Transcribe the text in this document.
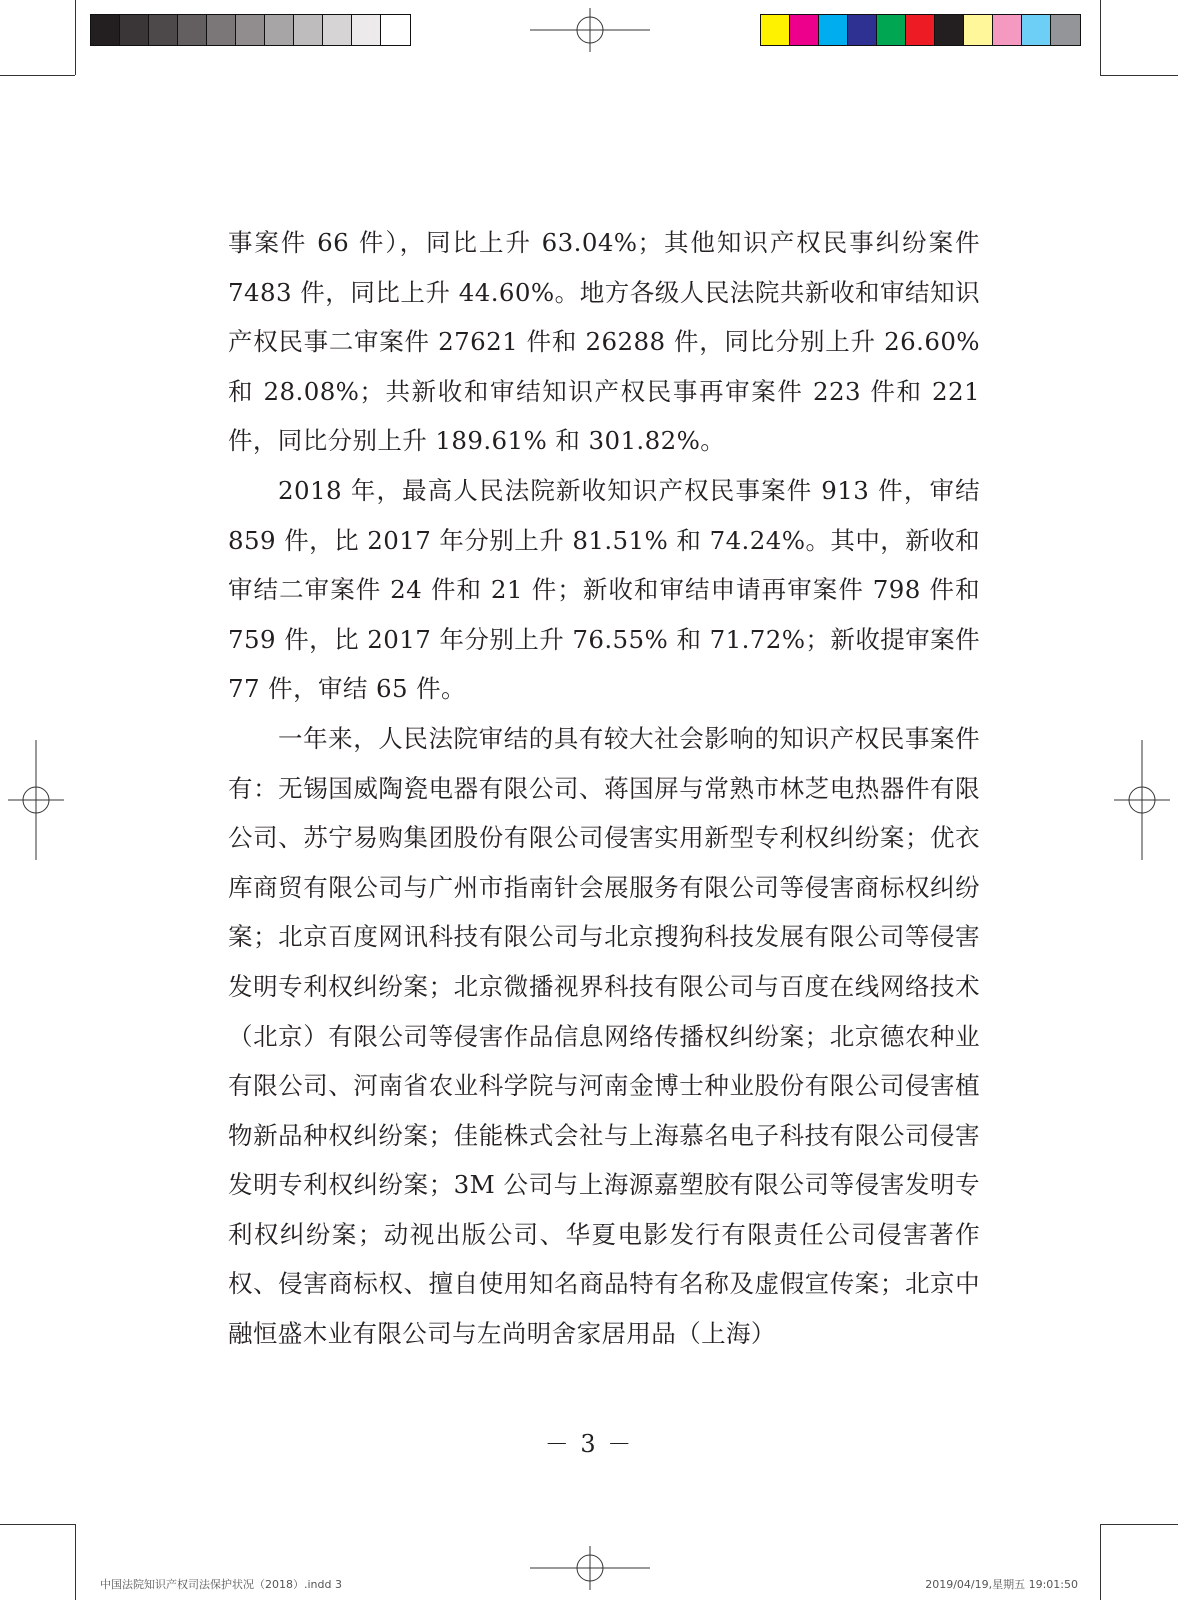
事案件 66 件），同比上升 63.04%；其他知识产权民事纠纷案件 7483 件，同比上升 44.60%。地方各级人民法院共新收和审结知识产权民事二审案件 27621 件和 26288 件，同比分别上升 26.60% 和 28.08%；共新收和审结知识产权民事再审案件 223 件和 221 件，同比分别上升 189.61% 和 301.82%。

2018 年，最高人民法院新收知识产权民事案件 913 件，审结 859 件，比 2017 年分别上升 81.51% 和 74.24%。其中，新收和审结二审案件 24 件和 21 件；新收和审结申请再审案件 798 件和 759 件，比 2017 年分别上升 76.55% 和 71.72%；新收提审案件 77 件，审结 65 件。

一年来，人民法院审结的具有较大社会影响的知识产权民事案件有：无锡国威陶瓷电器有限公司、蒋国屏与常熟市林芝电热器件有限公司、苏宁易购集团股份有限公司侵害实用新型专利权纠纷案；优衣库商贸有限公司与广州市指南针会展服务有限公司等侵害商标权纠纷案；北京百度网讯科技有限公司与北京搜狗科技发展有限公司等侵害发明专利权纠纷案；北京微播视界科技有限公司与百度在线网络技术（北京）有限公司等侵害作品信息网络传播权纠纷案；北京德农种业有限公司、河南省农业科学院与河南金博士种业股份有限公司侵害植物新品种权纠纷案；佳能株式会社与上海慕名电子科技有限公司侵害发明专利权纠纷案；3M 公司与上海源嘉塑胶有限公司等侵害发明专利权纠纷案；动视出版公司、华夏电影发行有限责任公司侵害著作权、侵害商标权、擅自使用知名商品特有名称及虚假宣传案；北京中融恒盛木业有限公司与左尚明舍家居用品（上海）

－ 3 －
中国法院知识产权司法保护状况（2018）.indd 3	2019/04/19,星期五 19:01:50
